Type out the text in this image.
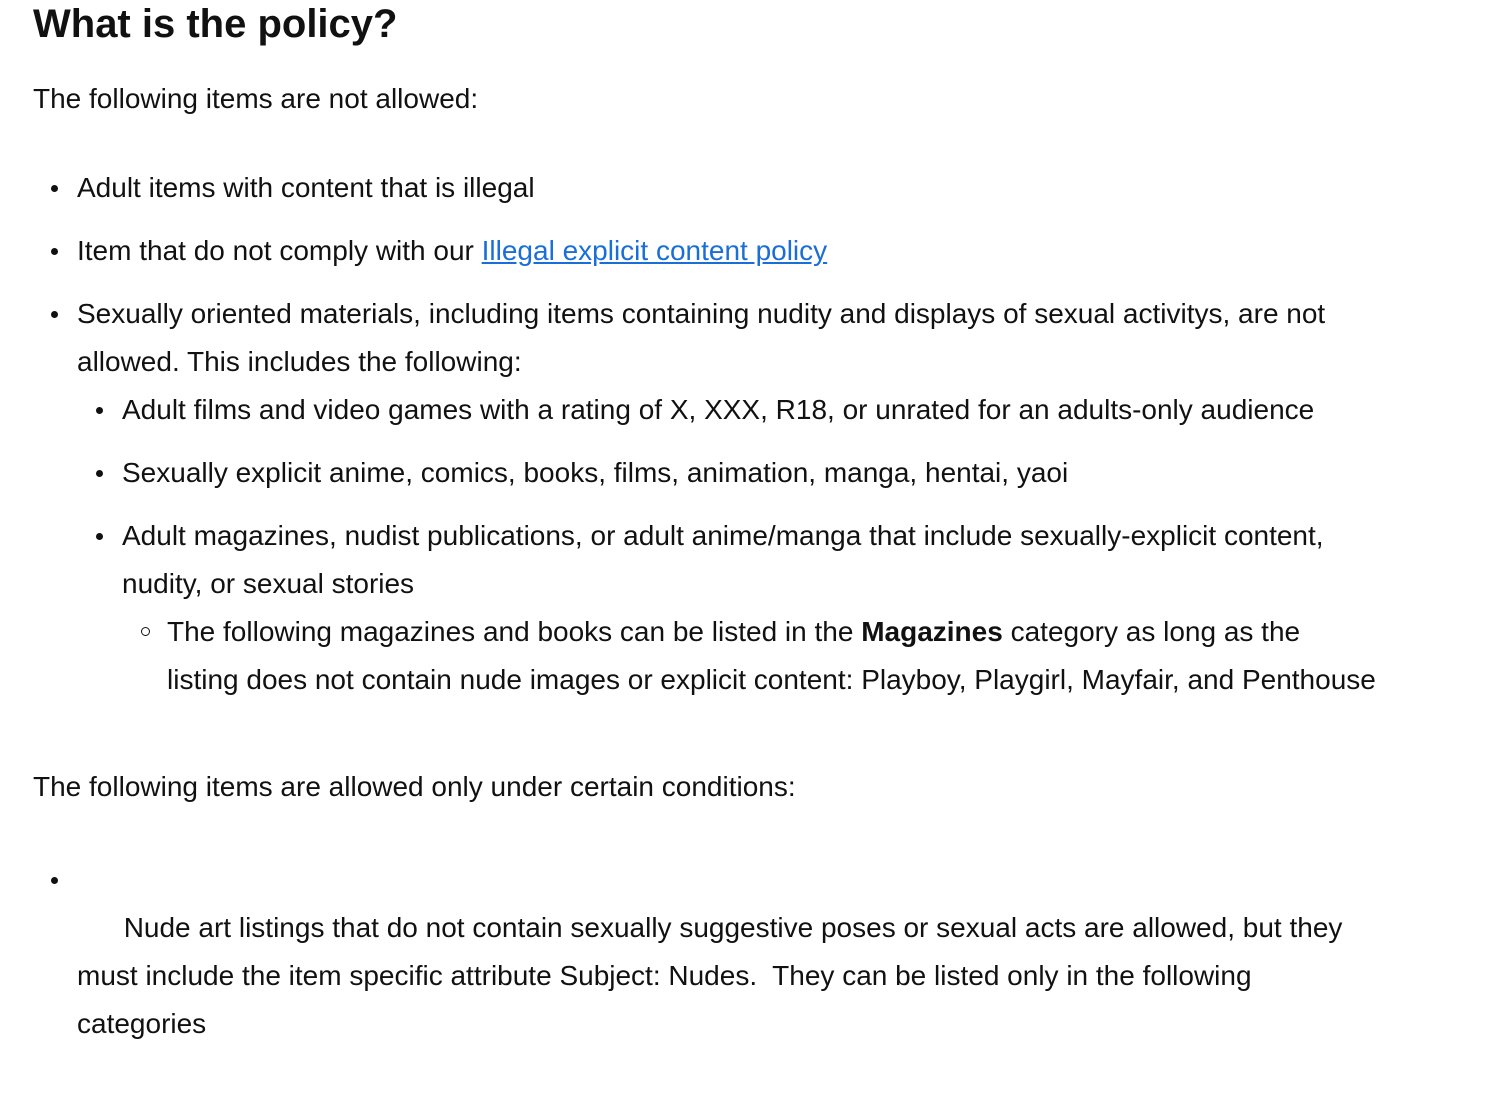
What is the policy?

The following items are not allowed:

Adult items with content that is illegal
Item that do not comply with our Illegal explicit content policy
Sexually oriented materials, including items containing nudity and displays of sexual activitys, are not allowed. This includes the following:
Adult films and video games with a rating of X, XXX, R18, or unrated for an adults-only audience
Sexually explicit anime, comics, books, films, animation, manga, hentai, yaoi
Adult magazines, nudist publications, or adult anime/manga that include sexually-explicit content, nudity, or sexual stories
The following magazines and books can be listed in the Magazines category as long as the listing does not contain nude images or explicit content: Playboy, Playgirl, Mayfair, and Penthouse

The following items are allowed only under certain conditions:

Nude art listings that do not contain sexually suggestive poses or sexual acts are allowed, but they must include the item specific attribute Subject: Nudes.  They can be listed only in the following categories
